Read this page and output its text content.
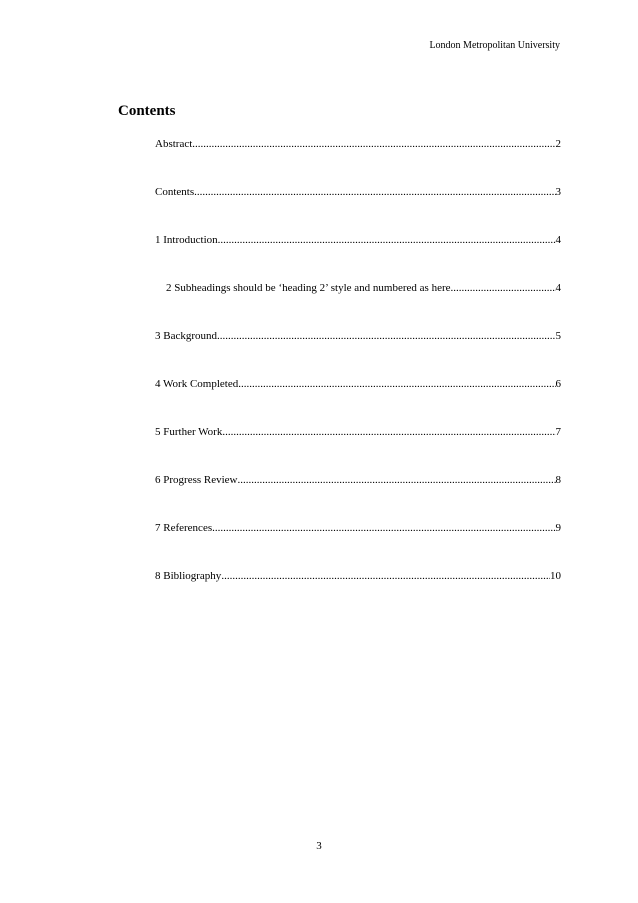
London Metropolitan University
Contents
Abstract .....	2
Contents .....	3
1 Introduction .....	4
2 Subheadings should be ‘heading 2’ style and numbered as here .....	4
3 Background .....	5
4 Work Completed .....	6
5 Further Work .....	7
6 Progress Review .....	8
7 References .....	9
8 Bibliography .....	10
3
